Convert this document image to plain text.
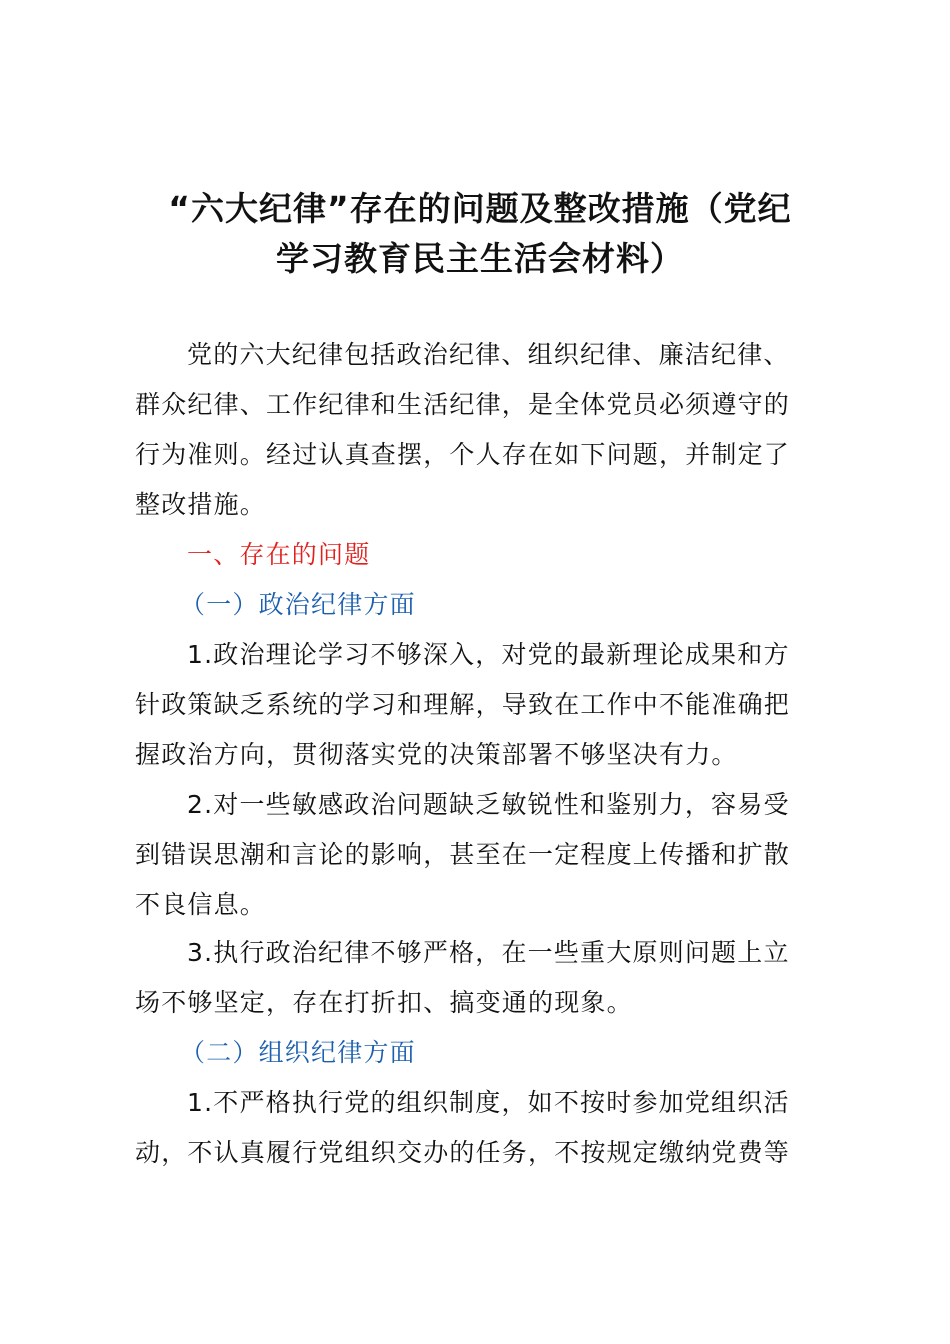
“六大纪律”存在的问题及整改措施（党纪
学习教育民主生活会材料）
党的六大纪律包括政治纪律、组织纪律、廉洁纪律、
群众纪律、工作纪律和生活纪律，是全体党员必须遵守的
行为准则。经过认真查摆，个人存在如下问题，并制定了
整改措施。
一、存在的问题
（一）政治纪律方面
1.政治理论学习不够深入，对党的最新理论成果和方
针政策缺乏系统的学习和理解，导致在工作中不能准确把
握政治方向，贯彻落实党的决策部署不够坚决有力。
2.对一些敏感政治问题缺乏敏锐性和鉴别力，容易受
到错误思潮和言论的影响，甚至在一定程度上传播和扩散
不良信息。
3.执行政治纪律不够严格，在一些重大原则问题上立
场不够坚定，存在打折扣、搞变通的现象。
（二）组织纪律方面
1.不严格执行党的组织制度，如不按时参加党组织活
动，不认真履行党组织交办的任务，不按规定缴纳党费等
